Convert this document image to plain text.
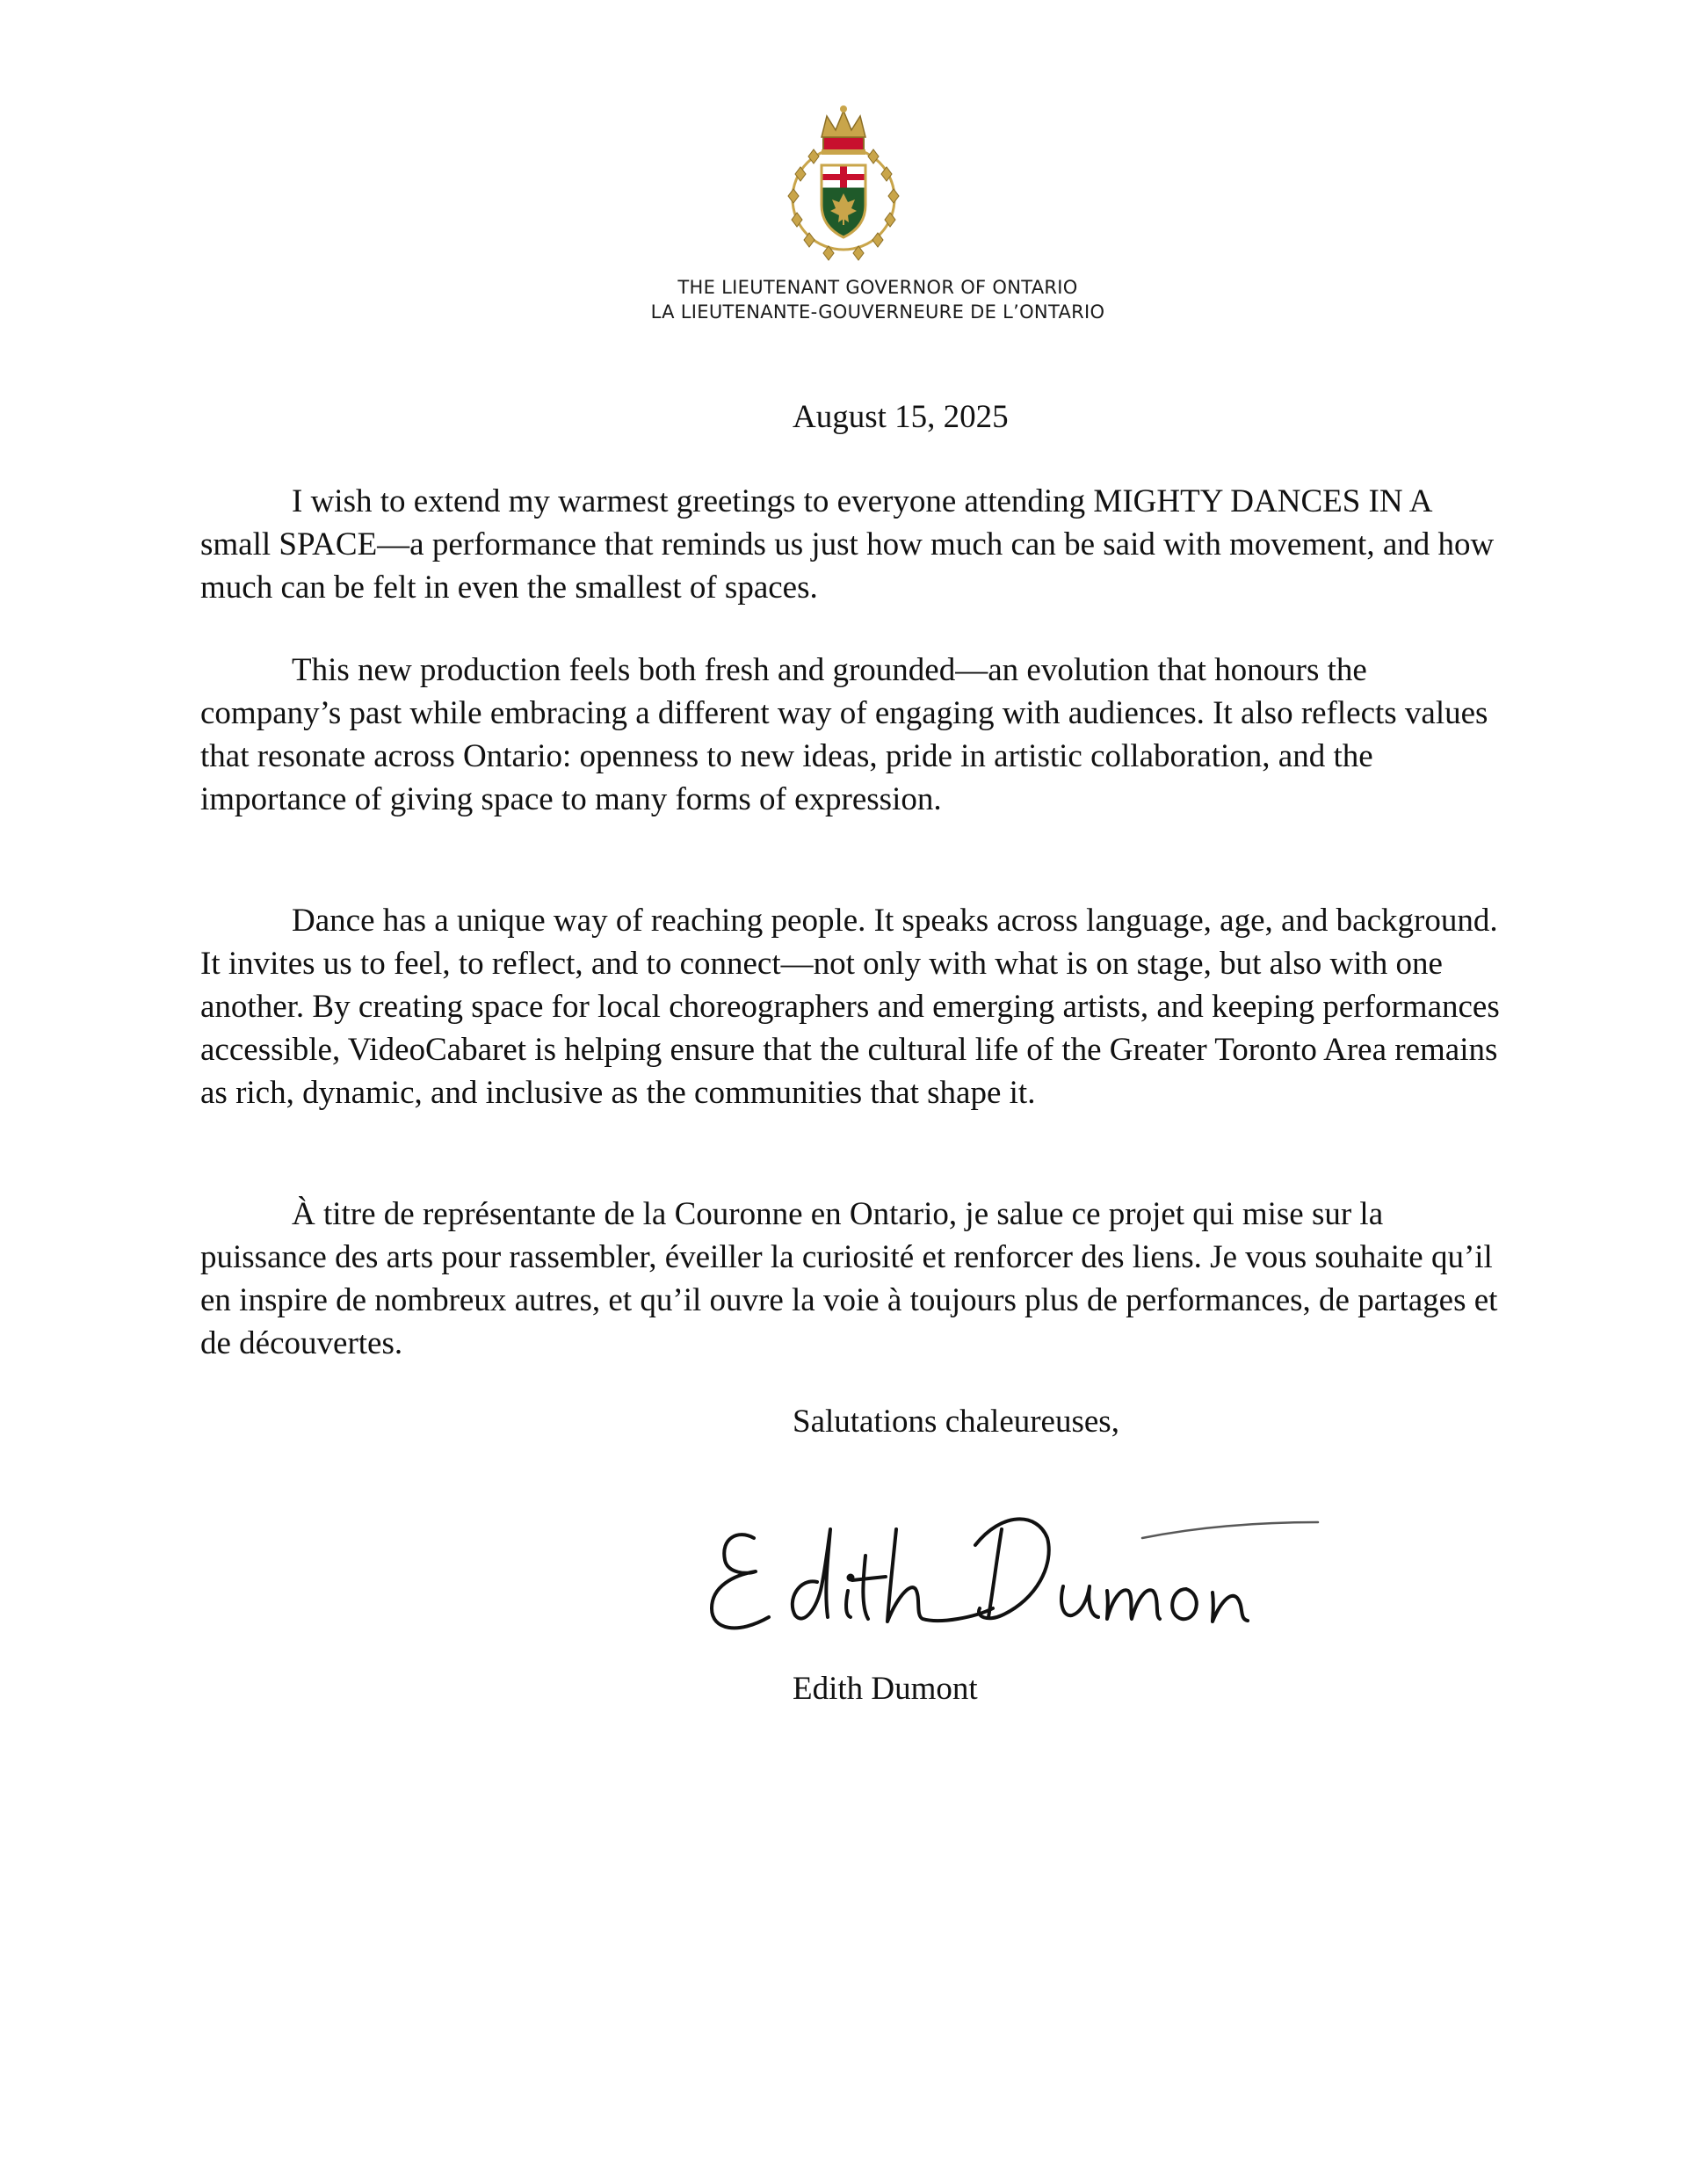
THE LIEUTENANT GOVERNOR OF ONTARIO
LA LIEUTENANTE-GOUVERNEURE DE L’ONTARIO
August 15, 2025

I wish to extend my warmest greetings to everyone attending MIGHTY DANCES IN A small SPACE—a performance that reminds us just how much can be said with movement, and how much can be felt in even the smallest of spaces.

This new production feels both fresh and grounded—an evolution that honours the company’s past while embracing a different way of engaging with audiences. It also reflects values that resonate across Ontario: openness to new ideas, pride in artistic collaboration, and the importance of giving space to many forms of expression.

Dance has a unique way of reaching people. It speaks across language, age, and background. It invites us to feel, to reflect, and to connect—not only with what is on stage, but also with one another. By creating space for local choreographers and emerging artists, and keeping performances accessible, VideoCabaret is helping ensure that the cultural life of the Greater Toronto Area remains as rich, dynamic, and inclusive as the communities that shape it.

À titre de représentante de la Couronne en Ontario, je salue ce projet qui mise sur la puissance des arts pour rassembler, éveiller la curiosité et renforcer des liens. Je vous souhaite qu’il en inspire de nombreux autres, et qu’il ouvre la voie à toujours plus de performances, de partages et de découvertes.

Salutations chaleureuses,
Edith Dumont
